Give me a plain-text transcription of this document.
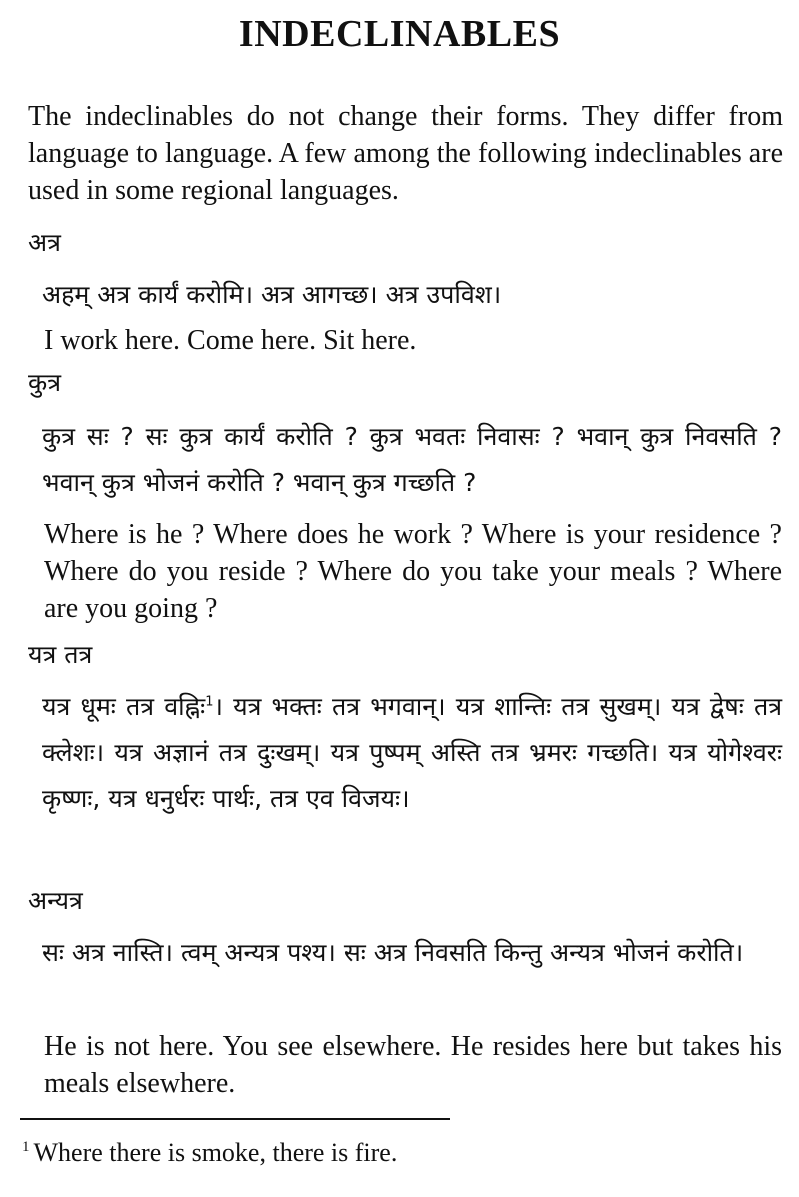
INDECLINABLES

The indeclinables do not change their forms. They differ from language to language. A few among the following indeclinables are used in some regional languages.

अत्र

अहम् अत्र कार्यं करोमि। अत्र आगच्छ। अत्र उपविश।

I work here. Come here. Sit here.

कुत्र

कुत्र सः ? सः कुत्र कार्यं करोति ? कुत्र भवतः निवासः ? भवान् कुत्र निवसति ? भवान् कुत्र भोजनं करोति ? भवान् कुत्र गच्छति ?

Where is he ? Where does he work ? Where is your residence ? Where do you reside ? Where do you take your meals ? Where are you going ?

यत्र तत्र

यत्र धूमः तत्र वह्निः$^1$। यत्र भक्तः तत्र भगवान्। यत्र शान्तिः तत्र सुखम्। यत्र द्वेषः तत्र क्लेशः। यत्र अज्ञानं तत्र दुःखम्। यत्र पुष्पम् अस्ति तत्र भ्रमरः गच्छति। यत्र योगेश्वरः कृष्णः, यत्र धनुर्धरः पार्थः, तत्र एव विजयः।

अन्यत्र

सः अत्र नास्ति। त्वम् अन्यत्र पश्य। सः अत्र निवसति किन्तु अन्यत्र भोजनं करोति।

He is not here. You see elsewhere. He resides here but takes his meals elsewhere.

$^1$ Where there is smoke, there is fire.
